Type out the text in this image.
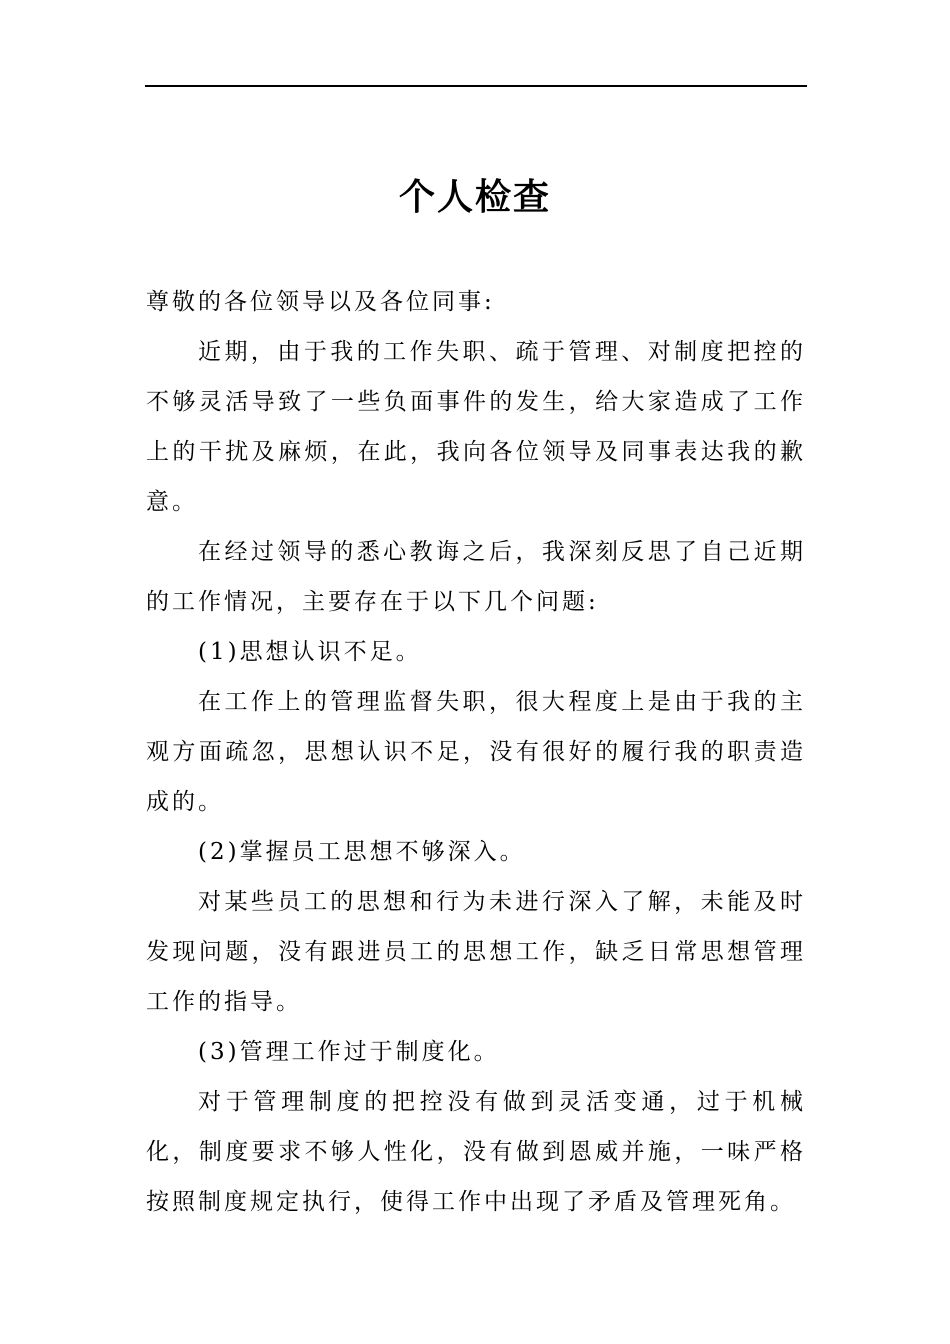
个人检查

尊敬的各位领导以及各位同事:

近期，由于我的工作失职、疏于管理、对制度把控的不够灵活导致了一些负面事件的发生，给大家造成了工作上的干扰及麻烦，在此，我向各位领导及同事表达我的歉意。

在经过领导的悉心教诲之后，我深刻反思了自己近期的工作情况，主要存在于以下几个问题:

(1)思想认识不足。

在工作上的管理监督失职，很大程度上是由于我的主观方面疏忽，思想认识不足，没有很好的履行我的职责造成的。

(2)掌握员工思想不够深入。

对某些员工的思想和行为未进行深入了解，未能及时发现问题，没有跟进员工的思想工作，缺乏日常思想管理工作的指导。

(3)管理工作过于制度化。

对于管理制度的把控没有做到灵活变通，过于机械化，制度要求不够人性化，没有做到恩威并施，一味严格按照制度规定执行，使得工作中出现了矛盾及管理死角。
